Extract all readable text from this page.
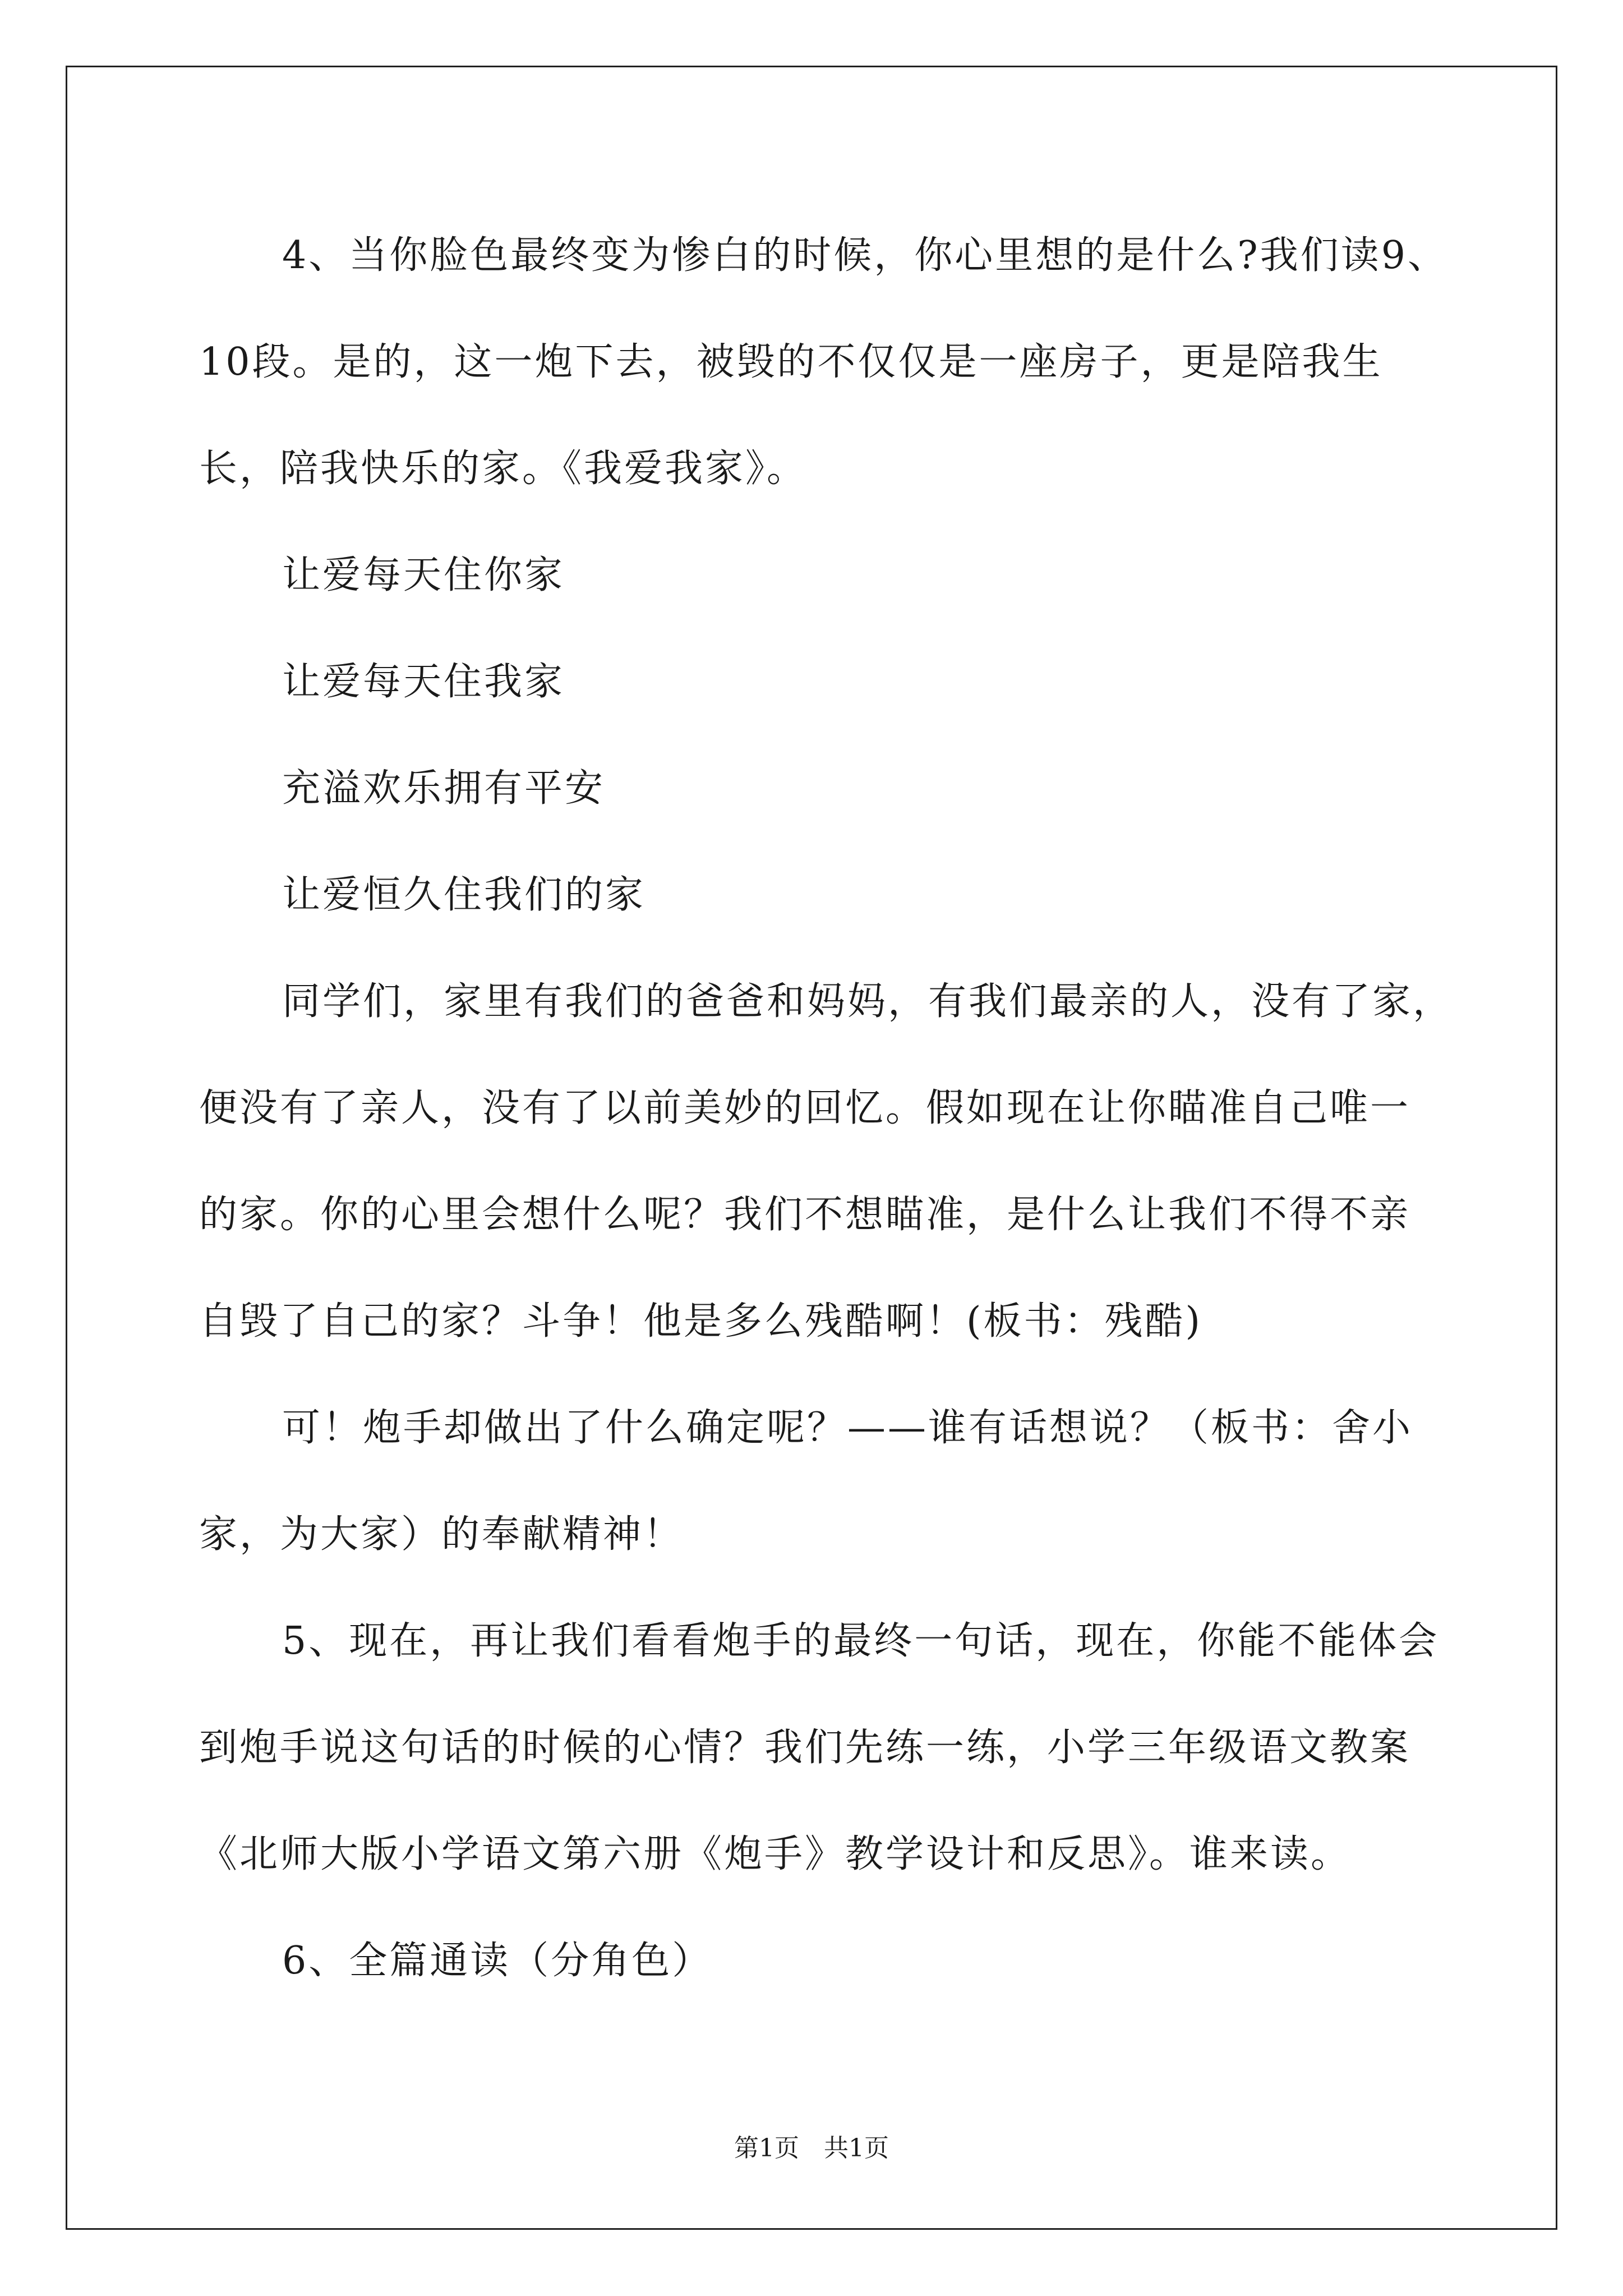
4、当你脸色最终变为惨白的时候，你心里想的是什么?我们读9、
10段。是的，这一炮下去，被毁的不仅仅是一座房子，更是陪我生
长，陪我快乐的家。《我爱我家》。
让爱每天住你家
让爱每天住我家
充溢欢乐拥有平安
让爱恒久住我们的家
同学们，家里有我们的爸爸和妈妈，有我们最亲的人，没有了家，
便没有了亲人，没有了以前美妙的回忆。假如现在让你瞄准自己唯一
的家。你的心里会想什么呢？我们不想瞄准，是什么让我们不得不亲
自毁了自己的家？斗争！他是多么残酷啊！(板书：残酷)
可！炮手却做出了什么确定呢？——谁有话想说？（板书：舍小
家，为大家）的奉献精神！
5、现在，再让我们看看炮手的最终一句话，现在，你能不能体会
到炮手说这句话的时候的心情？我们先练一练，小学三年级语文教案
《北师大版小学语文第六册《炮手》教学设计和反思》。谁来读。
6、全篇通读（分角色）
第1页　共1页
